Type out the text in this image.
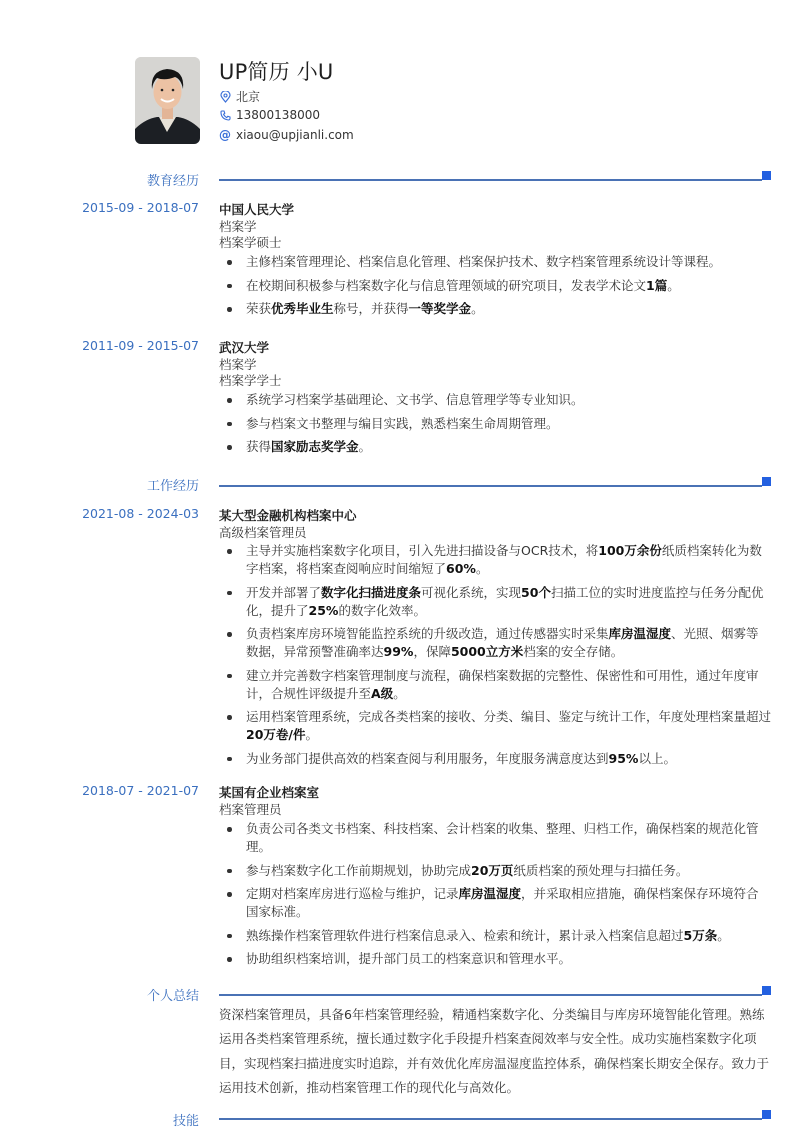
UP简历 小U
北京
13800138000
@ xiaou@upjianli.com
教育经历
2015-09 - 2018-07 中国人民大学
档案学
档案学硕士
主修档案管理理论、档案信息化管理、档案保护技术、数字档案管理系统设计等课程。
在校期间积极参与档案数字化与信息管理领域的研究项目，发表学术论文1篇。
荣获优秀毕业生称号，并获得一等奖学金。
2011-09 - 2015-07 武汉大学
档案学
档案学学士
系统学习档案学基础理论、文书学、信息管理学等专业知识。
参与档案文书整理与编目实践，熟悉档案生命周期管理。
获得国家励志奖学金。
工作经历
2021-08 - 2024-03 某大型金融机构档案中心
高级档案管理员
主导并实施档案数字化项目，引入先进扫描设备与OCR技术，将100万余份纸质档案转化为数字档案，将档案查阅响应时间缩短了60%。
开发并部署了数字化扫描进度条可视化系统，实现50个扫描工位的实时进度监控与任务分配优化，提升了25%的数字化效率。
负责档案库房环境智能监控系统的升级改造，通过传感器实时采集库房温湿度、光照、烟雾等数据，异常预警准确率达99%，保障5000立方米档案的安全存储。
建立并完善数字档案管理制度与流程，确保档案数据的完整性、保密性和可用性，通过年度审计，合规性评级提升至A级。
运用档案管理系统，完成各类档案的接收、分类、编目、鉴定与统计工作，年度处理档案量超过20万卷/件。
为业务部门提供高效的档案查阅与利用服务，年度服务满意度达到95%以上。
2018-07 - 2021-07 某国有企业档案室
档案管理员
负责公司各类文书档案、科技档案、会计档案的收集、整理、归档工作，确保档案的规范化管理。
参与档案数字化工作前期规划，协助完成20万页纸质档案的预处理与扫描任务。
定期对档案库房进行巡检与维护，记录库房温湿度，并采取相应措施，确保档案保存环境符合国家标准。
熟练操作档案管理软件进行档案信息录入、检索和统计，累计录入档案信息超过5万条。
协助组织档案培训，提升部门员工的档案意识和管理水平。
个人总结
资深档案管理员，具备6年档案管理经验，精通档案数字化、分类编目与库房环境智能化管理。熟练运用各类档案管理系统，擅长通过数字化手段提升档案查阅效率与安全性。成功实施档案数字化项目，实现档案扫描进度实时追踪，并有效优化库房温湿度监控体系，确保档案长期安全保存。致力于运用技术创新，推动档案管理工作的现代化与高效化。
技能
